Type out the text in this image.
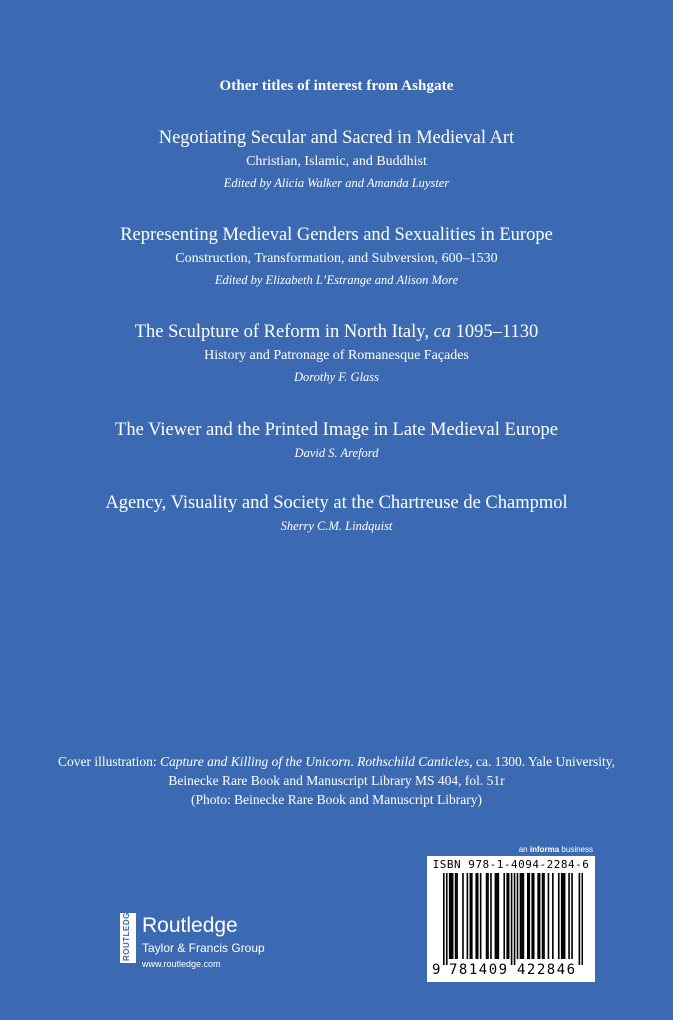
Other titles of interest from Ashgate
Negotiating Secular and Sacred in Medieval Art
Christian, Islamic, and Buddhist
Edited by Alicia Walker and Amanda Luyster
Representing Medieval Genders and Sexualities in Europe
Construction, Transformation, and Subversion, 600–1530
Edited by Elizabeth L’Estrange and Alison More
The Sculpture of Reform in North Italy, ca 1095–1130
History and Patronage of Romanesque Façades
Dorothy F. Glass
The Viewer and the Printed Image in Late Medieval Europe
David S. Areford
Agency, Visuality and Society at the Chartreuse de Champmol
Sherry C.M. Lindquist
Cover illustration: Capture and Killing of the Unicorn. Rothschild Canticles, ca. 1300. Yale University,
Beinecke Rare Book and Manuscript Library MS 404, fol. 51r
(Photo: Beinecke Rare Book and Manuscript Library)
an informa business
ROUTLEDGE Routledge
Taylor & Francis Group
www.routledge.com
ISBN 978-1-4094-2284-6
9 781409 422846
